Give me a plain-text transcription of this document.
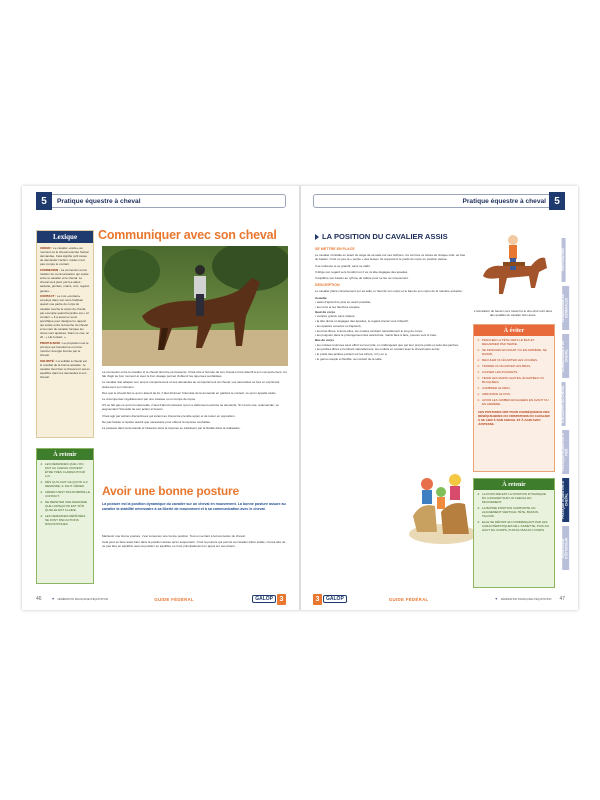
Pratique équestre à cheval
5
Lexique

CÉDER : Le cavalier «cède» au moment où le cheval exécute l'action demandée. Cela signifie qu'il cesse de demander l'action. Céder n'est pas rompre le contact.

CONNEXION : La connexion est la relation de communication qui existe entre le cavalier et le cheval. Le cheval va à pied, par les aides : assiette, jambes, mains, voix, regard, gestes…

CONTACT : Le mot «contact» employé dans son sens habituel quand une partie du corps du cavalier touche le corps du cheval, par exemple quand la jambe est « Al contact. » Il a aussi un sens spécifique pour désigner le rapport qui existe entre la bouche du cheval et la main du cavalier lorsque les rênes sont ajustées. Dans ce cas, on dit : « LE contact. »

PROPULSION : La propulsion est le principe qui transforme en force motrice l'énergie fournie par le cheval.

SOLIDITÉ : La solidité à cheval est le résultat de la bonne assiette : le cavalier tient bien à cheval et il est en équilibre dans les demandes à son cheval.

À retenir
➜ LES DEMANDES QUE L'ON FAIT AU CHEVAL DOIVENT ÊTRE TRÈS CLAIRES POUR LUI.
➜ DÈS QU'IL FAIT CE QU'ON LUI DEMANDE, IL FAUT CÉDER.
➜ CÉDER N'EST PAS ROMPRE LE CONTACT.
➜ NE REPETER UNE DEMANDE QUE LORSQU'ON EST SÛR QU'ELLE EST CLAIRE.
➜ LES DEMANDES RÉPÉTÉES SE FONT PAR ACTIONS DISCONTINUES.
Communiquer avec son cheval

La connexion entre le cavalier et le cheval doit être permanente. Il faut être à l'écoute de son cheval et très attentif à son comportement. Ce fait d'agir au bon moment et avec le bon dosage permet d'obtenir les réponses souhaitées.

Le cavalier doit adapter son propre comportement et ses demandes au comportement du cheval. Les demandes se font en exprimant clairement son intention.

Dès que le cheval fait ce qu'on attend de lui, il faut diminuer l'intensité de la demande en gardant le contact, ce qu'on appelle céder.

Le récompenser régulièrement par une caresse ou un temps de repos.

S'il ne fait pas ce qu'on lui demande, il faut d'abord s'assurer qu'on a clairement exprimé sa demande. Si c'est le cas, redemander, en augmentant l'intensité de son action si besoin.

Il faut agir par actions discontinues qui évitent au cheval de prendre appui et de rester en opposition.

Ne pas hésiter à répéter autant que nécessaire pour obtenir la réponse souhaitée.

La justesse dans la demande et l'aisance dans la réponse se traduisent par la fluidité dans la réalisation.

Avoir une bonne posture
La posture est la position dynamique du cavalier sur un cheval en mouvement. La bonne posture assure au cavalier la stabilité nécessaire à sa liberté de mouvement et à sa communication avec le cheval.

Maintenir une bonne posture, c'est conserver une bonne position. Tout en se liant à la locomotion du cheval.

Cela peut se faire aussi bien dans la position assise qu'en suspension. C'est la posture qui permet au cavalier d'être stable, c'est-à-dire de ne pas être en équilibre avec la position en équilibre ou il est principalement en appui sur ses étriers.

46	✦ FÉDÉRATION FRANÇAISE D'ÉQUITATION	GUIDE FÉDÉRAL	GALOP 3
Pratique équestre à cheval 5
LA POSITION DU CAVALIER ASSIS
SE METTRE EN PLACE

Le cavalier s'installe en avant du siège de sa selle sur ses ischions. Ce sont les os situés de chaque côté, au bas du bassin. C'est un peu la « pointe » des fesses. Ils supportent le poids du corps en position assise.

Il se redresse et se grandit, sans se raidir.

Il dirige son regard vers l'endroit où il va, la tête dégagée des épaules.

Il équilibre son bassin au rythme de l'allure pour se lier au mouvement.

DESCRIPTION

Le cavalier placé correctement sur sa selle, le haut de son corps et le bas de son corps de la manière suivante :

Assiette

• assis d'aplomb le plus en avant possible,

• les reins et les hanches souples.

Haut du corps

• vertical, grandi, sans raideur,

• la tête droite et dégagée des épaules, le regard orienté vers l'objectif,

• les épaules ouvertes et d'aplomb,

• les bras libres, à demi-plies, les coudes tombant naturellement le long du corps,

• les poignets dans le prolongement des avant-bras, mains face à face, pouces vers le haut.

Bas du corps

• les cuisses tournées sans effort sur leur plat, en s'allongeant que par leur propre poids et celui des jambes,

• les jambes libres et tombant naturellement, les mollets en contact avec le cheval sans serrer,

• le poids des jambes portant sur les étriers, s'il y en a,

• le genou souple et flexible, au contact de la selle.

L'orientation du bassin vers l'avant et le dos droit sont deux des qualités du cavalier bien assis.
À éviter
➜ PENCHER LA TÊTE VERS LE BAS ET REGARDER PAR TERRE,
➜ SE PENCHER EN AVANT OU EN ARRIÈRE, SE RAIDIR,
➜ RECULER OU ÉCARTER LES COUDES,
➜ TENDRE OU ÉCARTER LES BRAS,
➜ CASSER LES POIGNETS,
➜ TENIR LES MAINS HAUTES, ÉCARTÉES OU BLOQUÉES,
➜ CAMBRER LE REIN,
➜ ARRONDIR LE DOS,
➜ AVOIR LES JAMBES ENGAGÉES EN AVANT OU EN ARRIÈRE.
CES POSTURES ONT POUR CONSÉQUENCE DES DÉSÉQUILIBRES OU CRISPATIONS DU CAVALIER À SE LIER À SON CHEVAL ET À AGIR AVEC JUSTESSE.
À retenir
➜ LA POSTURE EST LA POSITION DYNAMIQUE DU CAVALIER SUR UN CHEVAL EN MOUVEMENT.
➜ LA BONNE POSITION COMPORTE UN ALIGNEMENT VERTICAL TÊTE, BASSIN, TALONS.
➜ ELLE SE DÉFINIT EN COMMENÇANT PAR LES CARACTÉRISTIQUES DE L'ASSIETTE, PUIS DU HAUT DU CORPS, PUIS DU BAS DU CORPS.
PRÉPARATION
CONNAISSANCES GÉNÉRALES
CONNAISSANCE DU CHEVAL
S'OCCUPER DU CHEVAL
PRATIQUE ÉQUESTRE À PIED
PRATIQUE ÉQUESTRE À CHEVAL
ÉQUITATION D'EXTÉRIEUR
3	GALOP	GUIDE FÉDÉRAL	✦ FÉDÉRATION FRANÇAISE D'ÉQUITATION 47
